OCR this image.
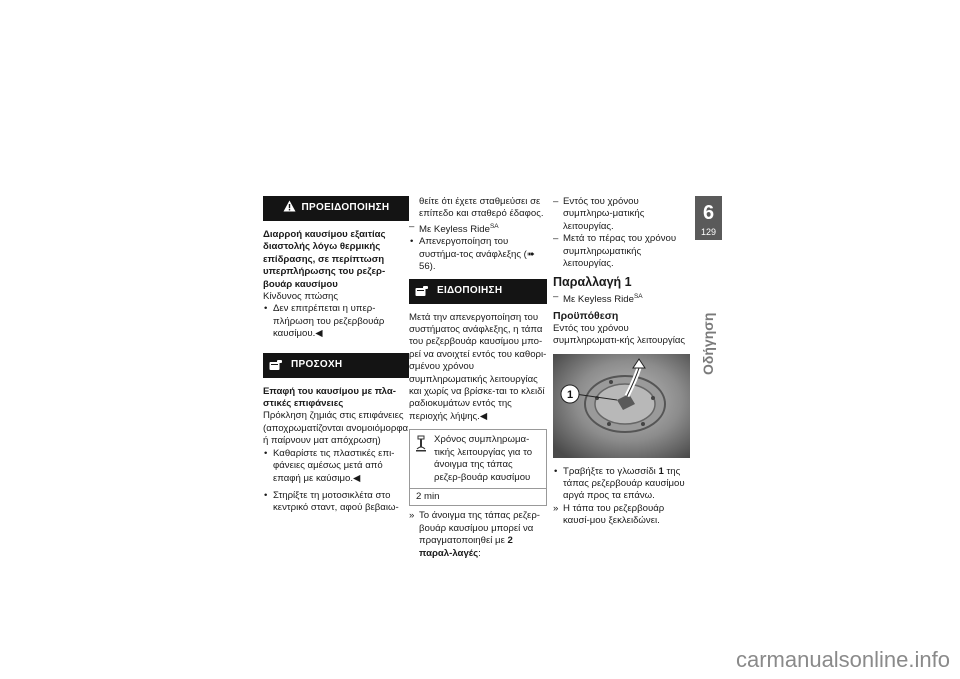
ΠΡΟΕΙΔΟΠΟΙΗΣΗ

Διαρροή καυσίμου εξαιτίας διαστολής λόγω θερμικής επίδρασης, σε περίπτωση υπερπλήρωσης του ρεζερ-βουάρ καυσίμου

Κίνδυνος πτώσης

• Δεν επιτρέπεται η υπερ-πλήρωση του ρεζερβουάρ καυσίμου.◀

ΠΡΟΣΟΧΗ

Επαφή του καυσίμου με πλα-στικές επιφάνειες

Πρόκληση ζημιάς στις επιφάνειες (αποχρωματίζονται ανομοιόμορφα ή παίρνουν ματ απόχρωση)

• Καθαρίστε τις πλαστικές επι-φάνειες αμέσως μετά από επαφή με καύσιμο.◀

• Στηρίξτε τη μοτοσικλέτα στο κεντρικό σταντ, αφού βεβαιω-

θείτε ότι έχετε σταθμεύσει σε επίπεδο και σταθερό έδαφος.

– Με Keyless Ride$^{SA}$

• Απενεργοποίηση του συστήμα-τος ανάφλεξης (➠ 56).

ΕΙΔΟΠΟΙΗΣΗ

Μετά την απενεργοποίηση του συστήματος ανάφλεξης, η τάπα του ρεζερβουάρ καυσίμου μπο-ρεί να ανοιχτεί εντός του καθορι-σμένου χρόνου συμπληρωματικής λειτουργίας και χωρίς να βρίσκε-ται το κλειδί ραδιοκυμάτων εντός της περιοχής λήψης.◀

Χρόνος συμπληρωμα-τικής λειτουργίας για το άνοιγμα της τάπας ρεζερ-βουάρ καυσίμου
2 min

» Το άνοιγμα της τάπας ρεζερ-βουάρ καυσίμου μπορεί να πραγματοποιηθεί με 2 παραλ-λαγές:

– Εντός του χρόνου συμπληρω-ματικής λειτουργίας.

– Μετά το πέρας του χρόνου συμπληρωματικής λειτουργίας.

Παραλλαγή 1

– Με Keyless Ride$^{SA}$

Προϋπόθεση

Εντός του χρόνου συμπληρωματι-κής λειτουργίας

1

• Τραβήξτε το γλωσσίδι 1 της τάπας ρεζερβουάρ καυσίμου αργά προς τα επάνω.

» Η τάπα του ρεζερβουάρ καυσί-μου ξεκλειδώνει.

6
129
Οδήγηση
carmanualsonline.info
